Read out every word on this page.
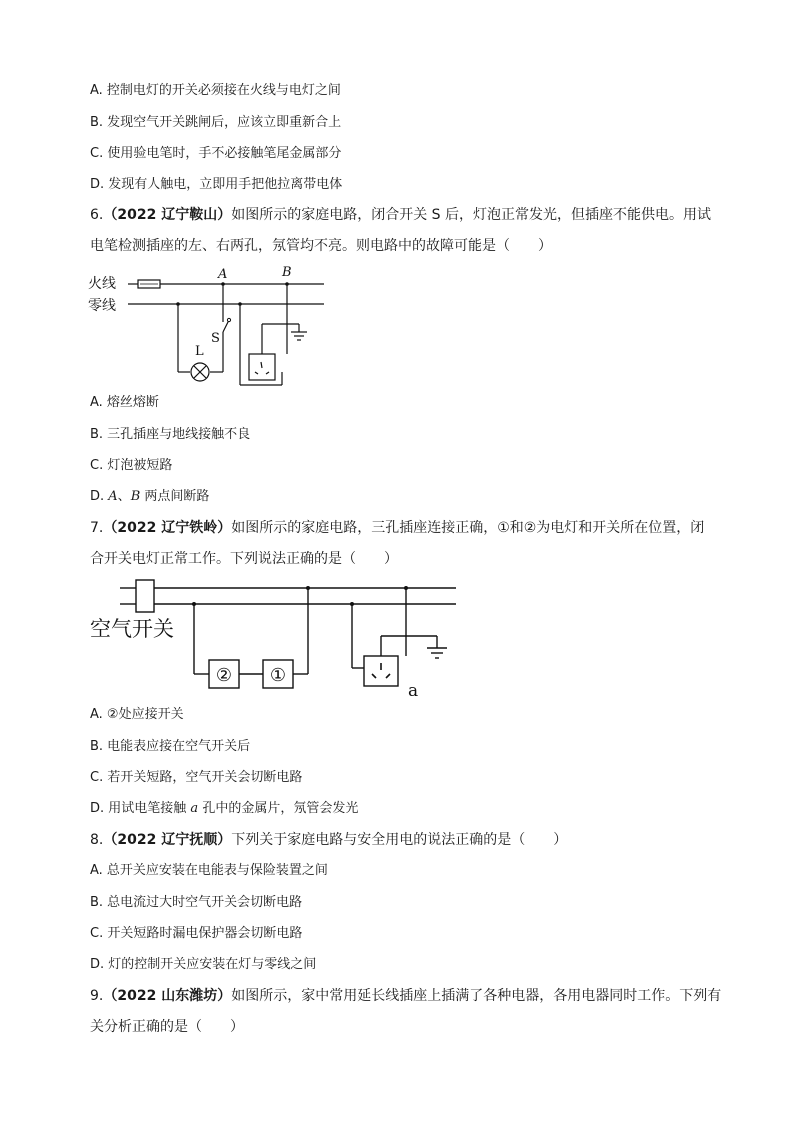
A. 控制电灯的开关必须接在火线与电灯之间
B. 发现空气开关跳闸后，应该立即重新合上
C. 使用验电笔时，手不必接触笔尾金属部分
D. 发现有人触电，立即用手把他拉离带电体
6.（2022 辽宁鞍山）如图所示的家庭电路，闭合开关 S 后，灯泡正常发光，但插座不能供电。用试
电笔检测插座的左、右两孔，氖管均不亮。则电路中的故障可能是（　　）
火线
零线
A	B
S
L
A. 熔丝熔断
B. 三孔插座与地线接触不良
C. 灯泡被短路
D. A、B 两点间断路
7.（2022 辽宁铁岭）如图所示的家庭电路，三孔插座连接正确，①和②为电灯和开关所在位置，闭
合开关电灯正常工作。下列说法正确的是（　　）
② ①
空气开关
a
A. ②处应接开关
B. 电能表应接在空气开关后
C. 若开关短路，空气开关会切断电路
D. 用试电笔接触 a 孔中的金属片，氖管会发光
8.（2022 辽宁抚顺）下列关于家庭电路与安全用电的说法正确的是（　　）
A. 总开关应安装在电能表与保险装置之间
B. 总电流过大时空气开关会切断电路
C. 开关短路时漏电保护器会切断电路
D. 灯的控制开关应安装在灯与零线之间
9.（2022 山东潍坊）如图所示，家中常用延长线插座上插满了各种电器，各用电器同时工作。下列有
关分析正确的是（　　）
